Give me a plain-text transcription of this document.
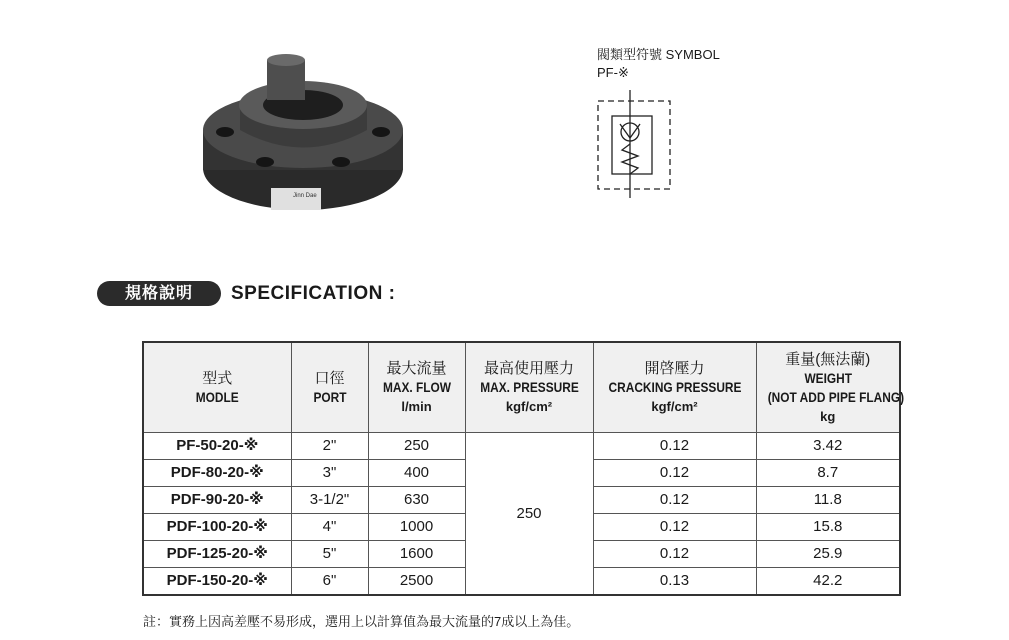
Jinn Dae
閥類型符號 SYMBOL
PF-※
規格說明	SPECIFICATION :
型式
MODLE	口徑
PORT	最大流量
MAX. FLOW
l/min	最高使用壓力
MAX. PRESSURE
kgf/cm²	開啓壓力
CRACKING PRESSURE
kgf/cm²	重量(無法蘭)
WEIGHT
(NOT ADD PIPE FLANG)
kg

PF-50-20-※	2"	250	250	0.12	3.42
PDF-80-20-※	3"	400		0.12	8.7
PDF-90-20-※	3-1/2"	630		0.12	11.8
PDF-100-20-※	4"	1000		0.12	15.8
PDF-125-20-※	5"	1600		0.12	25.9
PDF-150-20-※	6"	2500		0.13	42.2
註：實務上因高差壓不易形成，選用上以計算值為最大流量的7成以上為佳。
